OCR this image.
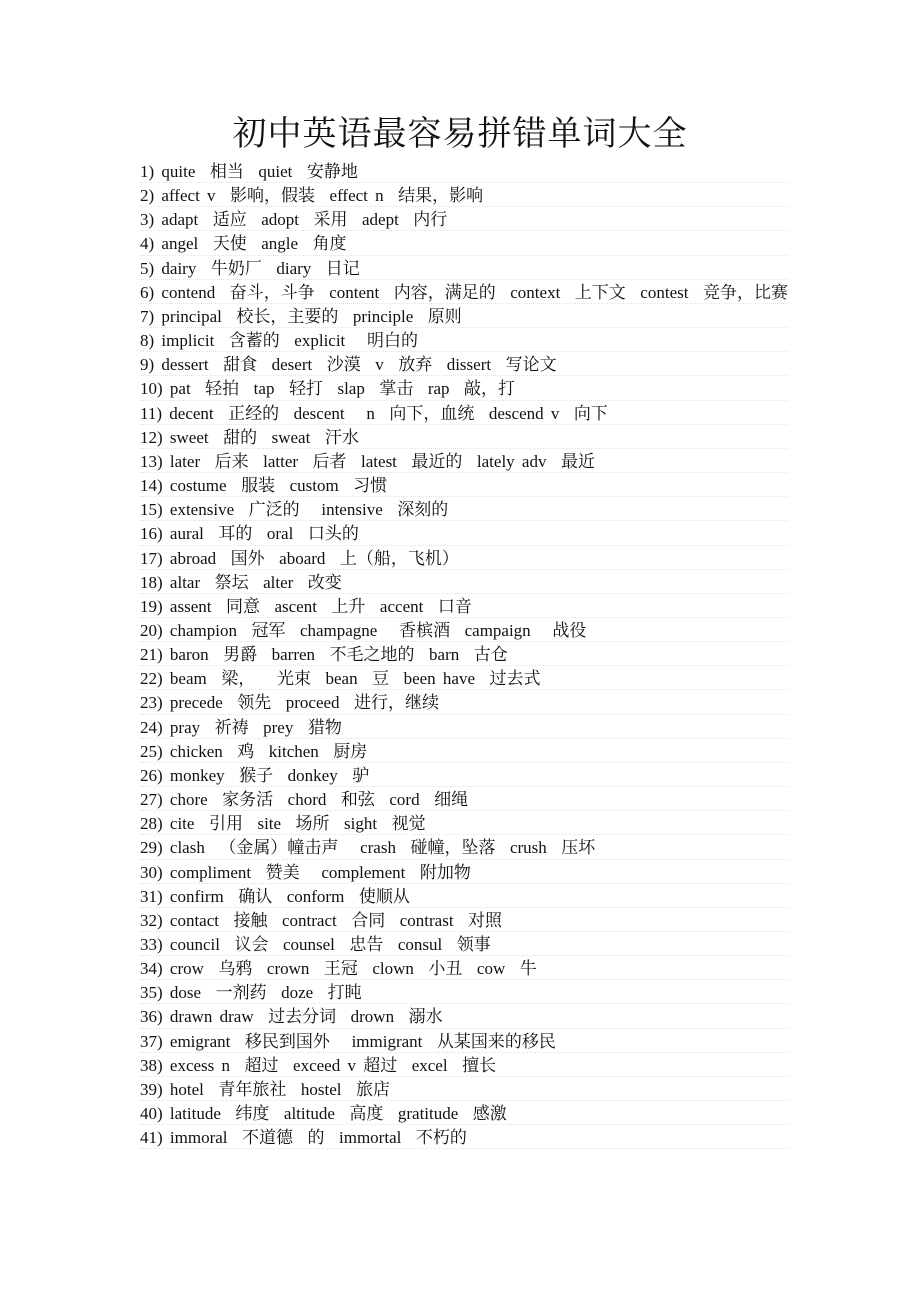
初中英语最容易拼错单词大全
1) quite  相当  quiet  安静地
2) affect v  影响，假装  effect n  结果，影响
3) adapt  适应  adopt  采用  adept  内行
4) angel  天使  angle  角度
5) dairy  牛奶厂  diary  日记
6) contend  奋斗，斗争  content  内容，满足的  context  上下文  contest  竞争，比赛
7) principal  校长，主要的  principle  原则
8) implicit  含蓄的  explicit   明白的
9) dessert  甜食  desert  沙漠  v  放弃  dissert  写论文
10) pat  轻拍  tap  轻打  slap  掌击  rap  敲，打
11) decent  正经的  descent   n  向下，血统  descend v  向下
12) sweet  甜的  sweat  汗水
13) later  后来  latter  后者  latest  最近的  lately adv  最近
14) costume  服装  custom  习惯
15) extensive  广泛的   intensive  深刻的
16) aural  耳的  oral  口头的
17) abroad  国外  aboard  上（船，飞机）
18) altar  祭坛  alter  改变
19) assent  同意  ascent  上升  accent  口音
20) champion  冠军  champagne   香槟酒  campaign   战役
21) baron  男爵  barren  不毛之地的  barn  古仓
22) beam  梁，   光束  bean  豆  been have  过去式
23) precede  领先  proceed  进行，继续
24) pray  祈祷  prey  猎物
25) chicken  鸡  kitchen  厨房
26) monkey  猴子  donkey  驴
27) chore  家务活  chord  和弦  cord  细绳
28) cite  引用  site  场所  sight  视觉
29) clash  （金属）幢击声   crash  碰幢，坠落  crush  压坏
30) compliment  赞美   complement  附加物
31) confirm  确认  conform  使顺从
32) contact  接触  contract  合同  contrast  对照
33) council  议会  counsel  忠告  consul  领事
34) crow  乌鸦  crown  王冠  clown  小丑  cow  牛
35) dose  一剂药  doze  打盹
36) drawn draw  过去分词  drown  溺水
37) emigrant  移民到国外   immigrant  从某国来的移民
38) excess n  超过  exceed v 超过  excel  擅长
39) hotel  青年旅社  hostel  旅店
40) latitude  纬度  altitude  高度  gratitude  感激
41) immoral  不道德  的  immortal  不朽的
